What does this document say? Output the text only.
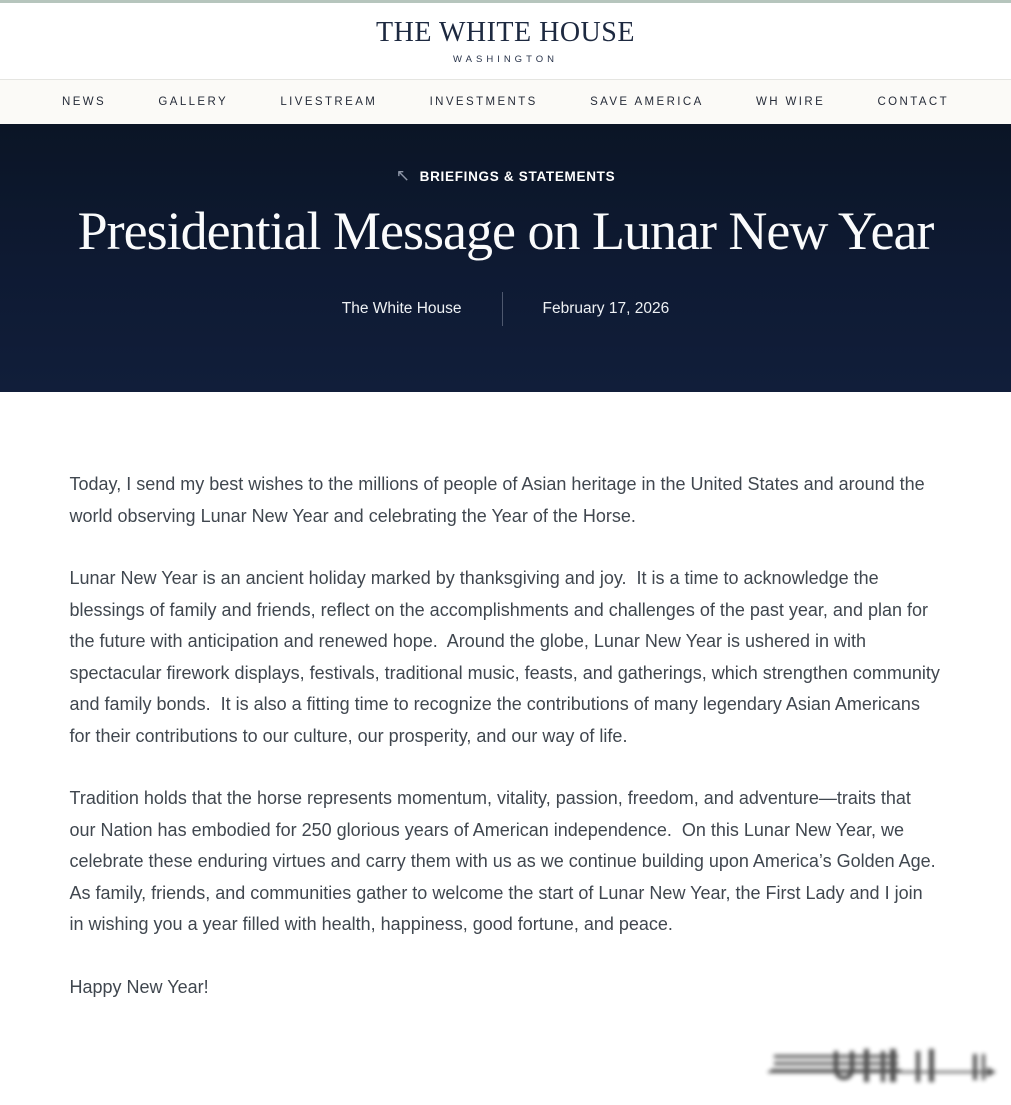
THE WHITE HOUSE
WASHINGTON
NEWS	GALLERY	LIVESTREAM	INVESTMENTS	SAVE AMERICA	WH WIRE	CONTACT
↖ BRIEFINGS & STATEMENTS
Presidential Message on Lunar New Year
The White House	February 17, 2026

Today, I send my best wishes to the millions of people of Asian heritage in the United States and around the world observing Lunar New Year and celebrating the Year of the Horse.

Lunar New Year is an ancient holiday marked by thanksgiving and joy.  It is a time to acknowledge the blessings of family and friends, reflect on the accomplishments and challenges of the past year, and plan for the future with anticipation and renewed hope.  Around the globe, Lunar New Year is ushered in with spectacular firework displays, festivals, traditional music, feasts, and gatherings, which strengthen community and family bonds.  It is also a fitting time to recognize the contributions of many legendary Asian Americans for their contributions to our culture, our prosperity, and our way of life.

Tradition holds that the horse represents momentum, vitality, passion, freedom, and adventure—traits that our Nation has embodied for 250 glorious years of American independence.  On this Lunar New Year, we celebrate these enduring virtues and carry them with us as we continue building upon America’s Golden Age.  As family, friends, and communities gather to welcome the start of Lunar New Year, the First Lady and I join in wishing you a year filled with health, happiness, good fortune, and peace.

Happy New Year!
